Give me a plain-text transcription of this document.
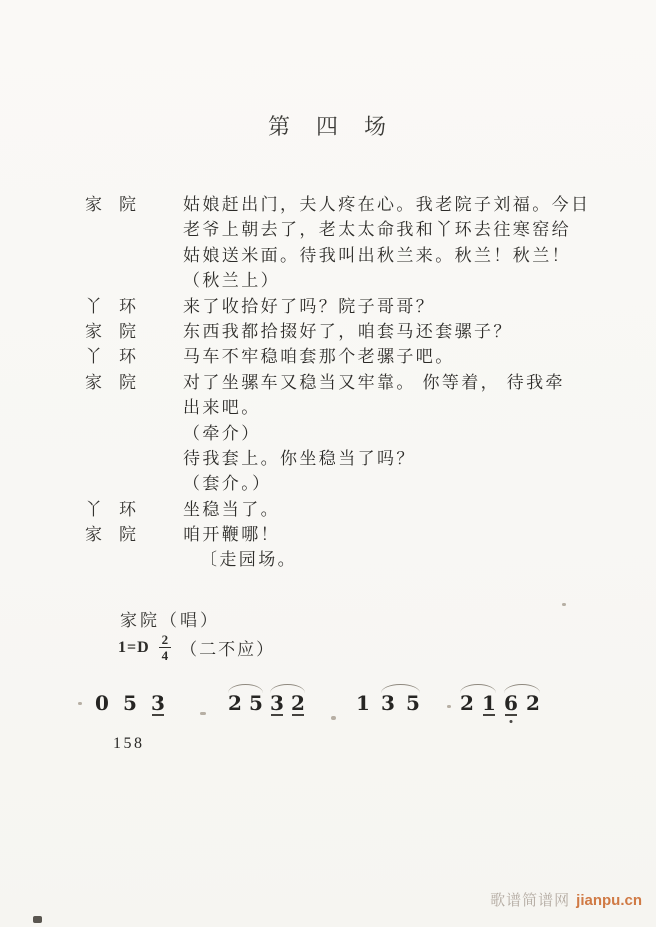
第　四　场
家　院	姑娘赶出门，夫人疼在心。我老院子刘福。今日
老爷上朝去了，老太太命我和丫环去往寒窑给
姑娘送米面。待我叫出秋兰来。秋兰！秋兰！
（秋兰上）
丫　环	来了收拾好了吗？院子哥哥？
家　院	东西我都拾掇好了，咱套马还套骡子？
丫　环	马车不牢稳咱套那个老骡子吧。
家　院	对了坐骡车又稳当又牢靠。 你等着， 待我牵
出来吧。
（牵介）
待我套上。你坐稳当了吗？
（套介。）
丫　环	坐稳当了。
家　院	咱开鞭哪！
〔走园场。
家院（唱）
1=D 2
4 （二不应）
0 5 3	2 5 3 2	1 3 5 2 1 6 2
158
歌谱简谱网 jianpu.cn
